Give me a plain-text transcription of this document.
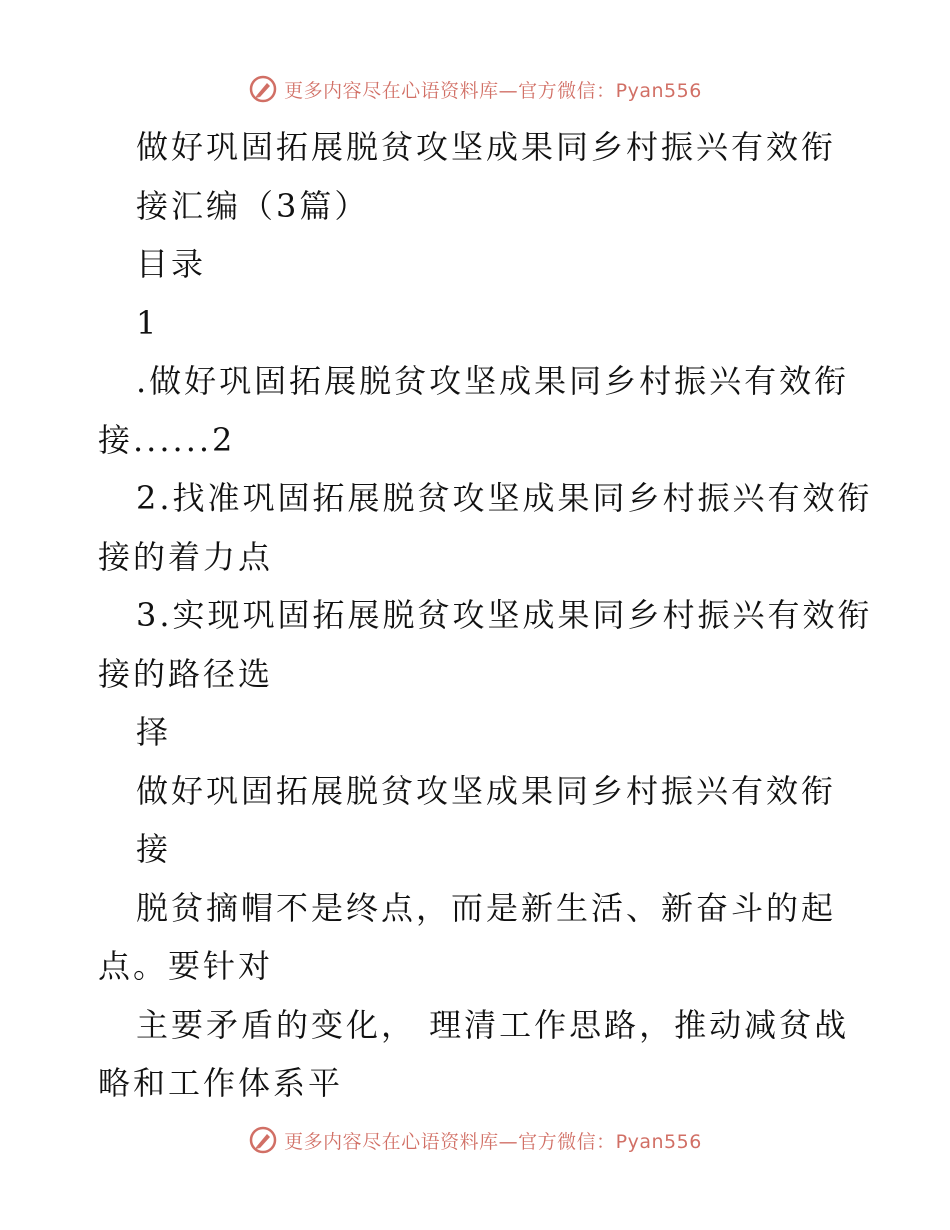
更多内容尽在心语资料库—官方微信：Pyan556
做好巩固拓展脱贫攻坚成果同乡村振兴有效衔
接汇编（3篇）
目录
1
.做好巩固拓展脱贫攻坚成果同乡村振兴有效衔
接......2
2.找准巩固拓展脱贫攻坚成果同乡村振兴有效衔
接的着力点
3.实现巩固拓展脱贫攻坚成果同乡村振兴有效衔
接的路径选
择
做好巩固拓展脱贫攻坚成果同乡村振兴有效衔
接
脱贫摘帽不是终点，而是新生活、新奋斗的起
点。要针对
主要矛盾的变化， 理清工作思路，推动减贫战
略和工作体系平
更多内容尽在心语资料库—官方微信：Pyan556
